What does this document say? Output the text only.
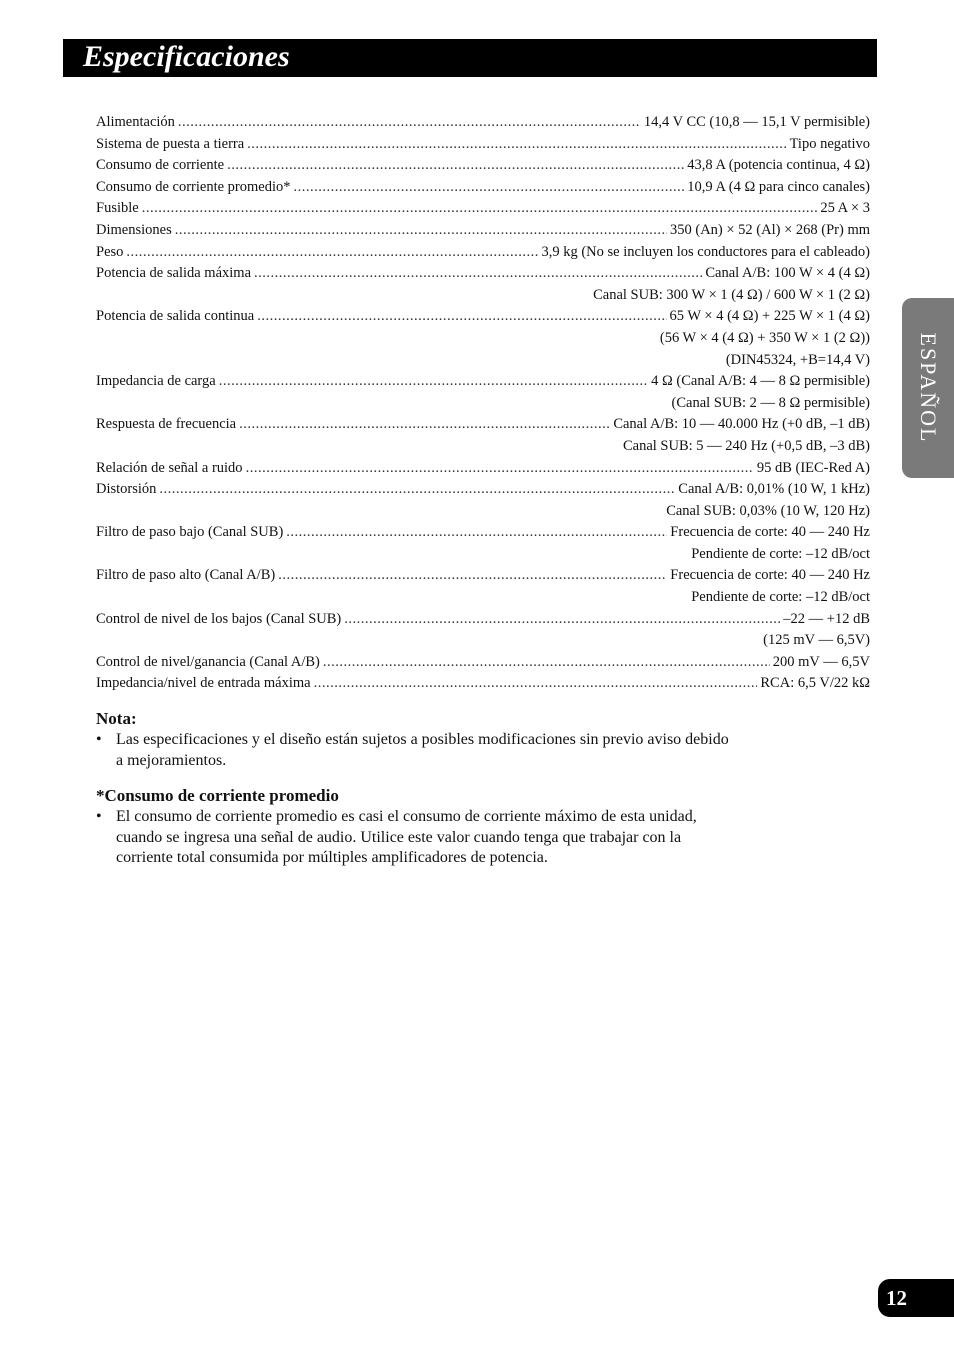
Especificaciones
ESPAÑOL
Alimentación .....	14,4 V CC (10,8 — 15,1 V permisible)
Sistema de puesta a tierra .....	Tipo negativo
Consumo de corriente .....	43,8 A (potencia continua, 4 Ω)
Consumo de corriente promedio* .....	10,9 A (4 Ω para cinco canales)
Fusible .....	25 A × 3
Dimensiones .....	350 (An) × 52 (Al) × 268 (Pr) mm
Peso .....	3,9 kg (No se incluyen los conductores para el cableado)
Potencia de salida máxima .....	Canal A/B: 100 W × 4 (4 Ω)
Canal SUB: 300 W × 1 (4 Ω) / 600 W × 1 (2 Ω)
Potencia de salida continua .....	65 W × 4 (4 Ω) + 225 W × 1 (4 Ω)
(56 W × 4 (4 Ω) + 350 W × 1 (2 Ω))
(DIN45324, +B=14,4 V)
Impedancia de carga .....	4 Ω (Canal A/B: 4 — 8 Ω permisible)
(Canal SUB: 2 — 8 Ω permisible)
Respuesta de frecuencia .....	Canal A/B: 10 — 40.000 Hz (+0 dB, –1 dB)
Canal SUB: 5 — 240 Hz (+0,5 dB, –3 dB)
Relación de señal a ruido .....	95 dB (IEC-Red A)
Distorsión .....	Canal A/B: 0,01% (10 W, 1 kHz)
Canal SUB: 0,03% (10 W, 120 Hz)
Filtro de paso bajo (Canal SUB) .....	Frecuencia de corte: 40 — 240 Hz
Pendiente de corte: –12 dB/oct
Filtro de paso alto (Canal A/B) .....	Frecuencia de corte: 40 — 240 Hz
Pendiente de corte: –12 dB/oct
Control de nivel de los bajos (Canal SUB) .....	–22 — +12 dB
(125 mV — 6,5V)
Control de nivel/ganancia (Canal A/B) .....	200 mV — 6,5V
Impedancia/nivel de entrada máxima .....	RCA: 6,5 V/22 kΩ
Nota:
• Las especificaciones y el diseño están sujetos a posibles modificaciones sin previo aviso debido a mejoramientos.
*Consumo de corriente promedio
• El consumo de corriente promedio es casi el consumo de corriente máximo de esta unidad, cuando se ingresa una señal de audio. Utilice este valor cuando tenga que trabajar con la corriente total consumida por múltiples amplificadores de potencia.
12
